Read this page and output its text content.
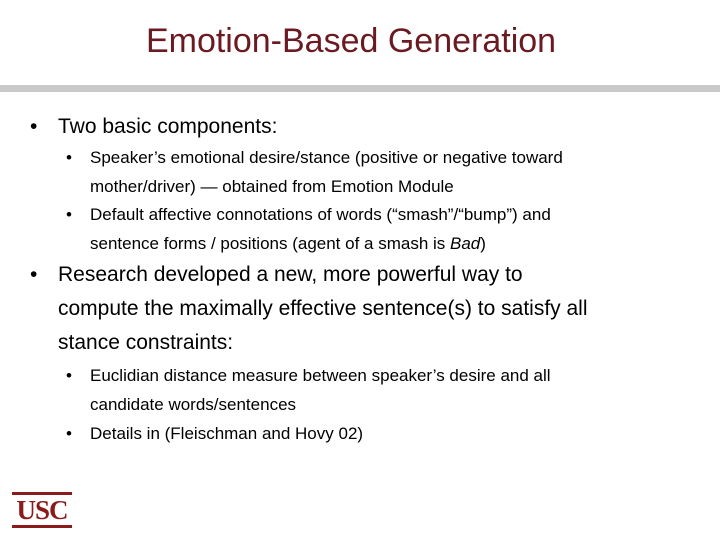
Emotion-Based Generation
• Two basic components:
• Speaker’s emotional desire/stance (positive or negative toward
mother/driver) — obtained from Emotion Module
• Default affective connotations of words (“smash”/“bump”) and
sentence forms / positions (agent of a smash is Bad)
• Research developed a new, more powerful way to
compute the maximally effective sentence(s) to satisfy all
stance constraints:
• Euclidian distance measure between speaker’s desire and all
candidate words/sentences
• Details in (Fleischman and Hovy 02)
USC
